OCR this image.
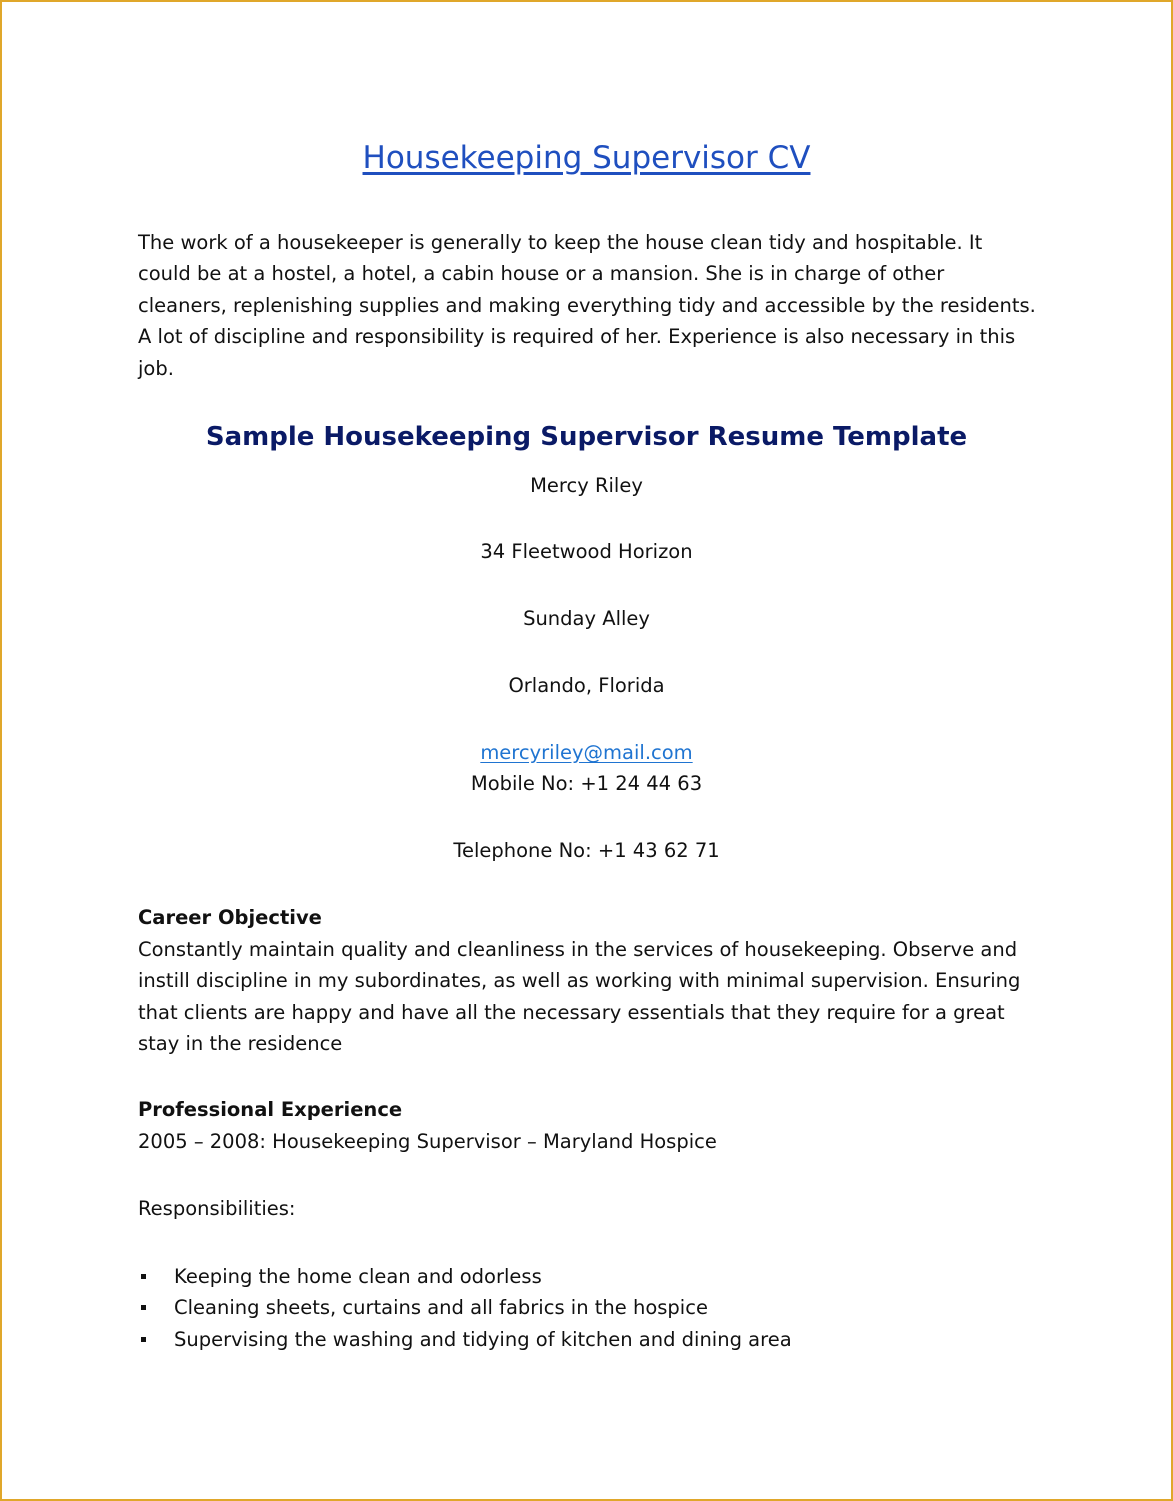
Housekeeping Supervisor CV

The work of a housekeeper is generally to keep the house clean tidy and hospitable. It could be at a hostel, a hotel, a cabin house or a mansion. She is in charge of other cleaners, replenishing supplies and making everything tidy and accessible by the residents. A lot of discipline and responsibility is required of her. Experience is also necessary in this job.

Sample Housekeeping Supervisor Resume Template

Mercy Riley

34 Fleetwood Horizon

Sunday Alley

Orlando, Florida

mercyriley@mail.com

Mobile No: +1 24 44 63

Telephone No: +1 43 62 71

Career Objective

Constantly maintain quality and cleanliness in the services of housekeeping. Observe and instill discipline in my subordinates, as well as working with minimal supervision. Ensuring that clients are happy and have all the necessary essentials that they require for a great stay in the residence

Professional Experience

2005 – 2008: Housekeeping Supervisor – Maryland Hospice

Responsibilities:

Keeping the home clean and odorless
Cleaning sheets, curtains and all fabrics in the hospice
Supervising the washing and tidying of kitchen and dining area
